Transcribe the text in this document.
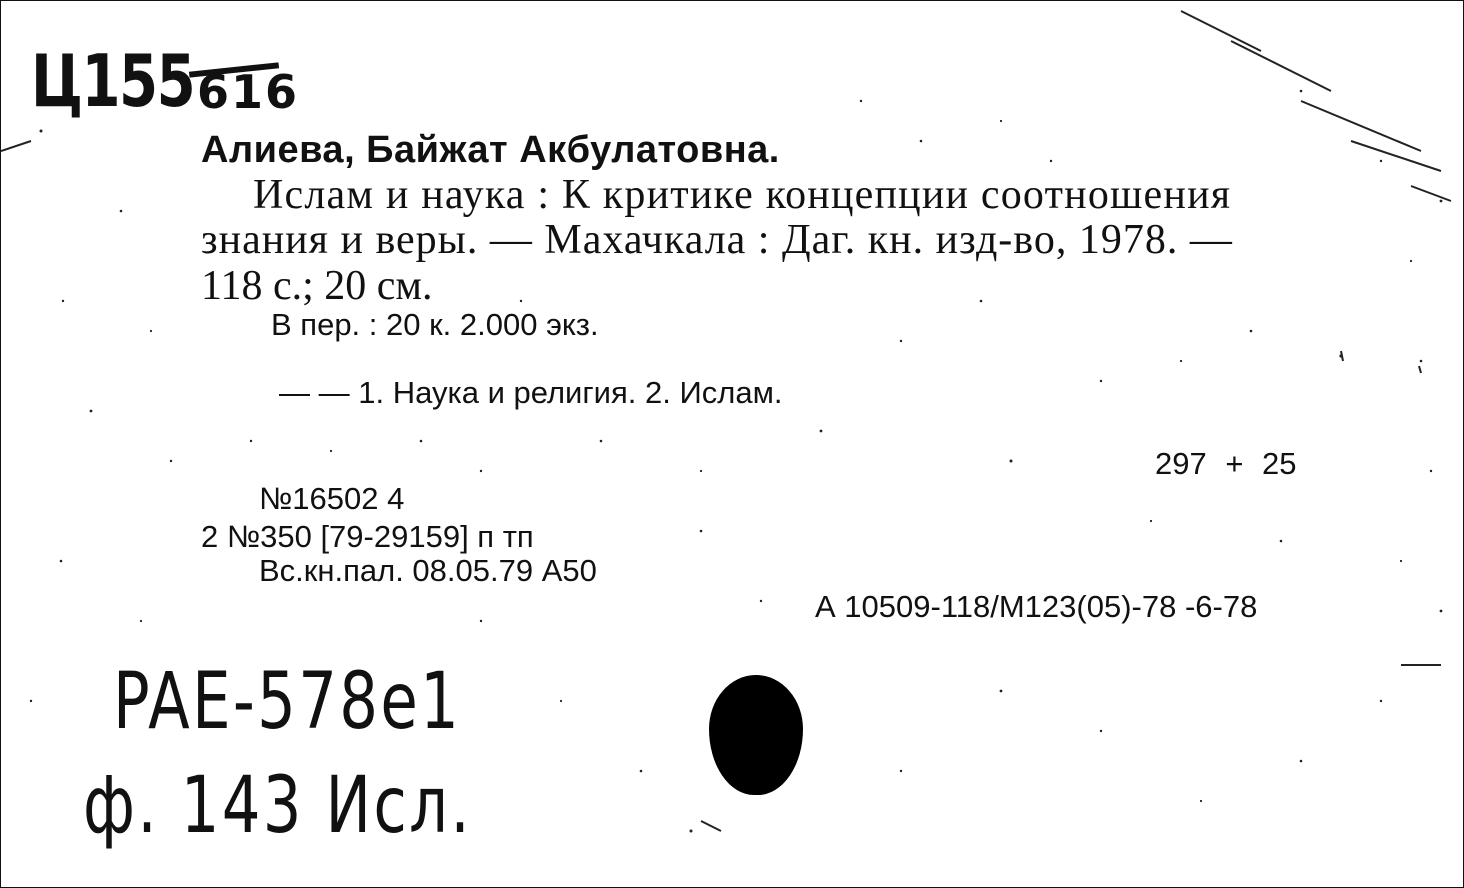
Ц155 616

Алиева, Байжат Акбулатовна.

Ислам и наука : К критике концепции соотношения

знания и веры. — Махачкала : Даг. кн. изд-во, 1978. —

118 с.; 20 см.

В пер. : 20 к. 2.000 экз.

— — 1. Наука и религия. 2. Ислам.

297 + 25

№16502 4

2 №350 [79-29159] п тп

Вс.кн.пал. 08.05.79 А50

А 10509-118/М123(05)-78 -6-78

PAE-578e1

ф. 143 Иcл.
